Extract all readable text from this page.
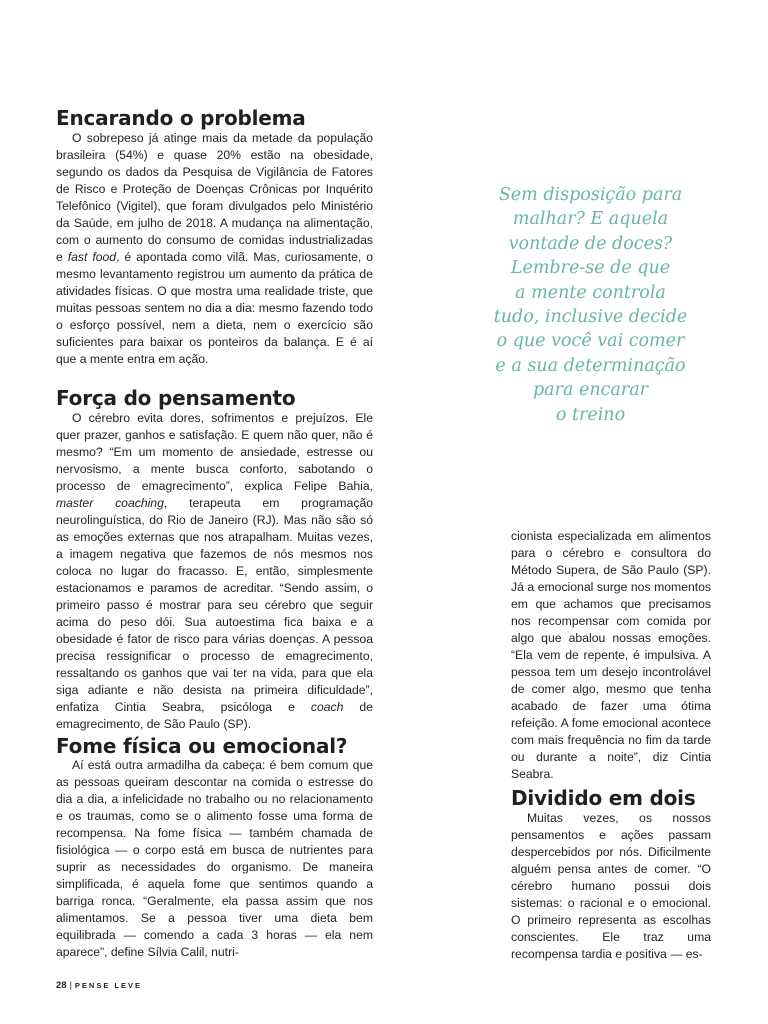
Encarando o problema

O sobrepeso já atinge mais da metade da população brasileira (54%) e quase 20% estão na obesidade, segundo os dados da Pesquisa de Vigilância de Fatores de Risco e Proteção de Doenças Crônicas por Inquérito Telefônico (Vigitel), que foram divulgados pelo Ministério da Saúde, em julho de 2018. A mudança na alimentação, com o aumento do consumo de comidas industrializadas e fast food, é apontada como vilã. Mas, curiosamente, o mesmo levantamento registrou um aumento da prática de atividades físicas. O que mostra uma realidade triste, que muitas pessoas sentem no dia a dia: mesmo fazendo todo o esforço possível, nem a dieta, nem o exercício são suficientes para baixar os ponteiros da balança. E é aí que a mente entra em ação.

Força do pensamento

O cérebro evita dores, sofrimentos e prejuízos. Ele quer prazer, ganhos e satisfação. E quem não quer, não é mesmo? “Em um momento de ansiedade, estresse ou nervosismo, a mente busca conforto, sabotando o processo de emagrecimento”, explica Felipe Bahia, master coaching, terapeuta em programação neurolinguística, do Rio de Janeiro (RJ). Mas não são só as emoções externas que nos atrapalham. Muitas vezes, a imagem negativa que fazemos de nós mesmos nos coloca no lugar do fracasso. E, então, simplesmente estacionamos e paramos de acreditar. “Sendo assim, o primeiro passo é mostrar para seu cérebro que seguir acima do peso dói. Sua autoestima fica baixa e a obesidade é fator de risco para várias doenças. A pessoa precisa ressignificar o processo de emagrecimento, ressaltando os ganhos que vai ter na vida, para que ela siga adiante e não desista na primeira dificuldade”, enfatiza Cintia Seabra, psicóloga e coach de emagrecimento, de São Paulo (SP).

Fome física ou emocional?

Aí está outra armadilha da cabeça: é bem comum que as pessoas queiram descontar na comida o estresse do dia a dia, a infelicidade no trabalho ou no relacionamento e os traumas, como se o alimento fosse uma forma de recompensa. Na fome física — também chamada de fisiológica — o corpo está em busca de nutrientes para suprir as necessidades do organismo. De maneira simplificada, é aquela fome que sentimos quando a barriga ronca. “Geralmente, ela passa assim que nos alimentamos. Se a pessoa tiver uma dieta bem equilibrada — comendo a cada 3 horas — ela nem aparece”, define Sílvia Calil, nutri-

Sem disposição para
malhar? E aquela
vontade de doces?
Lembre-se de que
a mente controla
tudo, inclusive decide
o que você vai comer
e a sua determinação
para encarar
o treino

cionista especializada em alimentos para o cérebro e consultora do Método Supera, de São Paulo (SP). Já a emocional surge nos momentos em que achamos que precisamos nos recompensar com comida por algo que abalou nossas emoções. “Ela vem de repente, é impulsiva. A pessoa tem um desejo incontrolável de comer algo, mesmo que tenha acabado de fazer uma ótima refeição. A fome emocional acontece com mais frequência no fim da tarde ou durante a noite”, diz Cintia Seabra.

Dividido em dois

Muitas vezes, os nossos pensamentos e ações passam despercebidos por nós. Dificilmente alguém pensa antes de comer. “O cérebro humano possui dois sistemas: o racional e o emocional. O primeiro representa as escolhas conscientes. Ele traz uma recompensa tardia e positiva — es-

28 | PENSE LEVE
